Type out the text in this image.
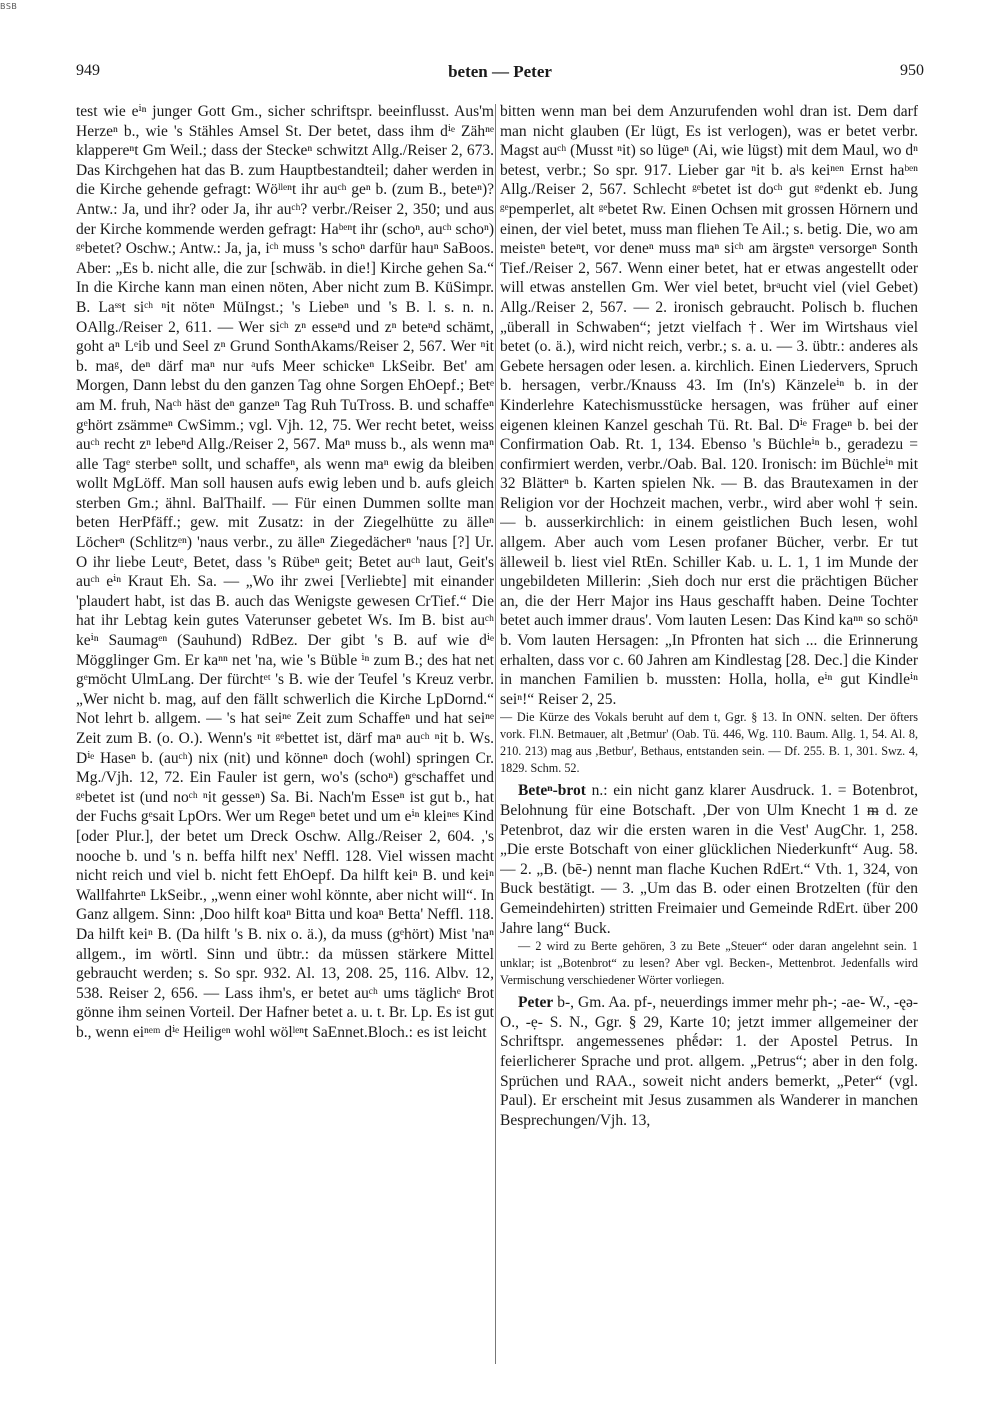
BSB
949	beten — Peter	950

test wie eⁱⁿ junger Gott Gm., sicher schriftspr. beeinflusst. Aus'm Herzeⁿ b., wie 's Stähles Amsel St. Der betet, dass ihm dⁱᵉ Zähⁿᵉ klappereⁿt Gm Weil.; dass der Steckeⁿ schwitzt Allg./Reiser 2, 673. Das Kirchgehen hat das B. zum Hauptbestandteil; daher werden in die Kirche gehende gefragt: Wöˡˡᵉⁿt ihr auᶜʰ geⁿ b. (zum B., beteⁿ)? Antw.: Ja, und ihr? oder Ja, ihr auᶜʰ? verbr./Reiser 2, 350; und aus der Kirche kommende werden gefragt: Haᵇᵉⁿt ihr (schoⁿ, auᶜʰ schoⁿ) ᵍᵉbetet? Oschw.; Antw.: Ja, ja, iᶜʰ muss 's schoⁿ darfür hauⁿ SaBoos. Aber: „Es b. nicht alle, die zur [schwäb. in die!] Kirche gehen Sa.“ In die Kirche kann man einen nöten, Aber nicht zum B. KüSimpr. B. Laˢˢt siᶜʰ ⁿit nöteⁿ MüIngst.; 's Liebeⁿ und 's B. l. s. n. n. OAllg./Reiser 2, 611. — Wer siᶜʰ zⁿ esseⁿd und zⁿ beteⁿd schämt, goht aⁿ Lᵉib und Seel zⁿ Grund SonthAkams/Reiser 2, 567. Wer ⁿit b. maᵍ, deⁿ därf maⁿ nur ᵃufs Meer schickeⁿ LkSeibr. Bet' am Morgen, Dann lebst du den ganzen Tag ohne Sorgen EhOepf.; Betᵉ am M. fruh, Naᶜʰ häst deⁿ ganzeⁿ Tag Ruh TuTross. B. und schaffeⁿ gᵉhört zsämmeⁿ CwSimm.; vgl. Vjh. 12, 75. Wer recht betet, weiss auᶜʰ recht zⁿ lebeⁿd Allg./Reiser 2, 567. Maⁿ muss b., als wenn maⁿ alle Tagᵉ sterbeⁿ sollt, und schaffeⁿ, als wenn maⁿ ewig da bleiben wollt MgLöff. Man soll hausen aufs ewig leben und b. aufs gleich sterben Gm.; ähnl. BalThailf. — Für einen Dummen sollte man beten HerPfäff.; gew. mit Zusatz: in der Ziegelhütte zu älleⁿ Löcherⁿ (Schlitzᵉⁿ) 'naus verbr., zu älleⁿ Ziegedächerⁿ 'naus [?] Ur. O ihr liebe Leutᵉ, Betet, dass 's Rübeⁿ geit; Betet auᶜʰ laut, Geit's auᶜʰ eⁱⁿ Kraut Eh. Sa. — „Wo ihr zwei [Verliebte] mit einander 'plaudert habt, ist das B. auch das Wenigste gewesen CrTief.“ Die hat ihr Lebtag kein gutes Vaterunser gebetet Ws. Im B. bist auᶜʰ keⁱⁿ Saumagᵉⁿ (Sauhund) RdBez. Der gibt 's B. auf wie dⁱᵉ Mögglinger Gm. Er kaⁿⁿ net 'na, wie 's Büble ⁱⁿ zum B.; des hat net gᵉmöcht UlmLang. Der fürchtᵉᵗ 's B. wie der Teufel 's Kreuz verbr. „Wer nicht b. mag, auf den fällt schwerlich die Kirche LpDornd.“ Not lehrt b. allgem. — 's hat seiⁿᵉ Zeit zum Schaffeⁿ und hat seiⁿᵉ Zeit zum B. (o. O.). Wenn's ⁿit ᵍᵉbettet ist, därf maⁿ auᶜʰ ⁿit b. Ws. Dⁱᵉ Haseⁿ b. (auᶜʰ) nix (nit) und könneⁿ doch (wohl) springen Cr. Mg./Vjh. 12, 72. Ein Fauler ist gern, wo's (schoⁿ) gᵉschaffet und ᵍᵉbetet ist (und noᶜʰ ⁿit gesseⁿ) Sa. Bi. Nach'm Esseⁿ ist gut b., hat der Fuchs gᵉsait LpOrs. Wer um Regeⁿ betet und um eⁱⁿ kleiⁿᵉˢ Kind [oder Plur.], der betet um Dreck Oschw. Allg./Reiser 2, 604. ,'s nooche b. und 's n. beffa hilft nex' Neffl. 128. Viel wissen macht nicht reich und viel b. nicht fett EhOepf. Da hilft keiⁿ B. und keiⁿ Wallfahrteⁿ LkSeibr., „wenn einer wohl könnte, aber nicht will“. In Ganz allgem. Sinn: ,Doo hilft koaⁿ Bitta und koaⁿ Betta' Neffl. 118. Da hilft keiⁿ B. (Da hilft 's B. nix o. ä.), da muss (gᵉhört) Mist 'naⁿ allgem., im wörtl. Sinn und übtr.: da müssen stärkere Mittel gebraucht werden; s. So spr. 932. Al. 13, 208. 25, 116. Albv. 12, 538. Reiser 2, 656. — Lass ihm's, er betet auᶜʰ ums täglichᵉ Brot gönne ihm seinen Vorteil. Der Hafner betet a. u. t. Br. Lp. Es ist gut b., wenn eiⁿᵉᵐ dⁱᵉ Heiligᵉⁿ wohl wölˡᵉⁿt SaEnnet.Bloch.: es ist leicht

bitten wenn man bei dem Anzurufenden wohl dran ist. Dem darf man nicht glauben (Er lügt, Es ist verlogen), was er betet verbr. Magst auᶜʰ (Musst ⁿit) so lügeⁿ (Ai, wie lügst) mit dem Maul, wo dⁿ betest, verbr.; So spr. 917. Lieber gar ⁿit b. aˡs keiⁿᵉⁿ Ernst haᵇᵉⁿ Allg./Reiser 2, 567. Schlecht ᵍᵉbetet ist doᶜʰ gut ᵍᵉdenkt eb. Jung ᵍᵉpemperlet, alt ᵍᵉbetet Rw. Einen Ochsen mit grossen Hörnern und einen, der viel betet, muss man fliehen Te Ail.; s. betig. Die, wo am meisteⁿ beteⁿt, vor deneⁿ muss maⁿ siᶜʰ am ärgsteⁿ versorgeⁿ Sonth Tief./Reiser 2, 567. Wenn einer betet, hat er etwas angestellt oder will etwas anstellen Gm. Wer viel betet, brᵃucht viel (viel Gebet) Allg./Reiser 2, 567. — 2. ironisch gebraucht. Polisch b. fluchen „überall in Schwaben“; jetzt vielfach †. Wer im Wirtshaus viel betet (o. ä.), wird nicht reich, verbr.; s. a. u. — 3. übtr.: anderes als Gebete hersagen oder lesen. a. kirchlich. Einen Liedervers, Spruch b. hersagen, verbr./Knauss 43. Im (In's) Känzeleⁱⁿ b. in der Kinderlehre Katechismusstücke hersagen, was früher auf einer eigenen kleinen Kanzel geschah Tü. Rt. Bal. Dⁱᵉ Frageⁿ b. bei der Confirmation Oab. Rt. 1, 134. Ebenso 's Büchleⁱⁿ b., geradezu = confirmiert werden, verbr./Oab. Bal. 120. Ironisch: im Büchleⁱⁿ mit 32 Blätterⁿ b. Karten spielen Nk. — B. das Brautexamen in der Religion vor der Hochzeit machen, verbr., wird aber wohl † sein. — b. ausserkirchlich: in einem geistlichen Buch lesen, wohl allgem. Aber auch vom Lesen profaner Bücher, verbr. Er tut älleweil b. liest viel RtEn. Schiller Kab. u. L. 1, 1 im Munde der ungebildeten Millerin: ,Sieh doch nur erst die prächtigen Bücher an, die der Herr Major ins Haus geschafft haben. Deine Tochter betet auch immer draus'. Vom lauten Lesen: Das Kind kaⁿⁿ so schöⁿ b. Vom lauten Hersagen: „In Pfronten hat sich ... die Erinnerung erhalten, dass vor c. 60 Jahren am Kindlestag [28. Dec.] die Kinder in manchen Familien b. mussten: Holla, holla, eⁱⁿ gut Kindleⁱⁿ seiⁿ!“ Reiser 2, 25.
— Die Kürze des Vokals beruht auf dem t, Ggr. § 13. In ONN. selten. Der öfters vork. Fl.N. Betmauer, alt ,Betmur' (Oab. Tü. 446, Wg. 110. Baum. Allg. 1, 54. Al. 8, 210. 213) mag aus ,Betbur', Bethaus, entstanden sein. — Df. 255. B. 1, 301. Swz. 4, 1829. Schm. 52.

Beteⁿ-brot n.: ein nicht ganz klarer Ausdruck. 1. = Botenbrot, Belohnung für eine Botschaft. ,Der von Ulm Knecht 1 ᵯ d. ze Petenbrot, daz wir die ersten waren in die Vest' AugChr. 1, 258. „Die erste Botschaft von einer glücklichen Niederkunft“ Aug. 58. — 2. „B. (bē-) nennt man flache Kuchen RdErt.“ Vth. 1, 324, von Buck bestätigt. — 3. „Um das B. oder einen Brotzelten (für den Gemeindehirten) stritten Freimaier und Gemeinde RdErt. über 200 Jahre lang“ Buck.
— 2 wird zu Berte gehören, 3 zu Bete „Steuer“ oder daran angelehnt sein. 1 unklar; ist „Botenbrot“ zu lesen? Aber vgl. Becken-, Mettenbrot. Jedenfalls wird Vermischung verschiedener Wörter vorliegen.

Peter b-, Gm. Aa. pf-, neuerdings immer mehr ph-; -ae- W., -ęə- O., -ẹ- S. N., Ggr. § 29, Karte 10; jetzt immer allgemeiner der Schriftspr. angemessenes phḗdər: 1. der Apostel Petrus. In feierlicherer Sprache und prot. allgem. „Petrus“; aber in den folg. Sprüchen und RAA., soweit nicht anders bemerkt, „Peter“ (vgl. Paul). Er erscheint mit Jesus zusammen als Wanderer in manchen Besprechungen/Vjh. 13,
